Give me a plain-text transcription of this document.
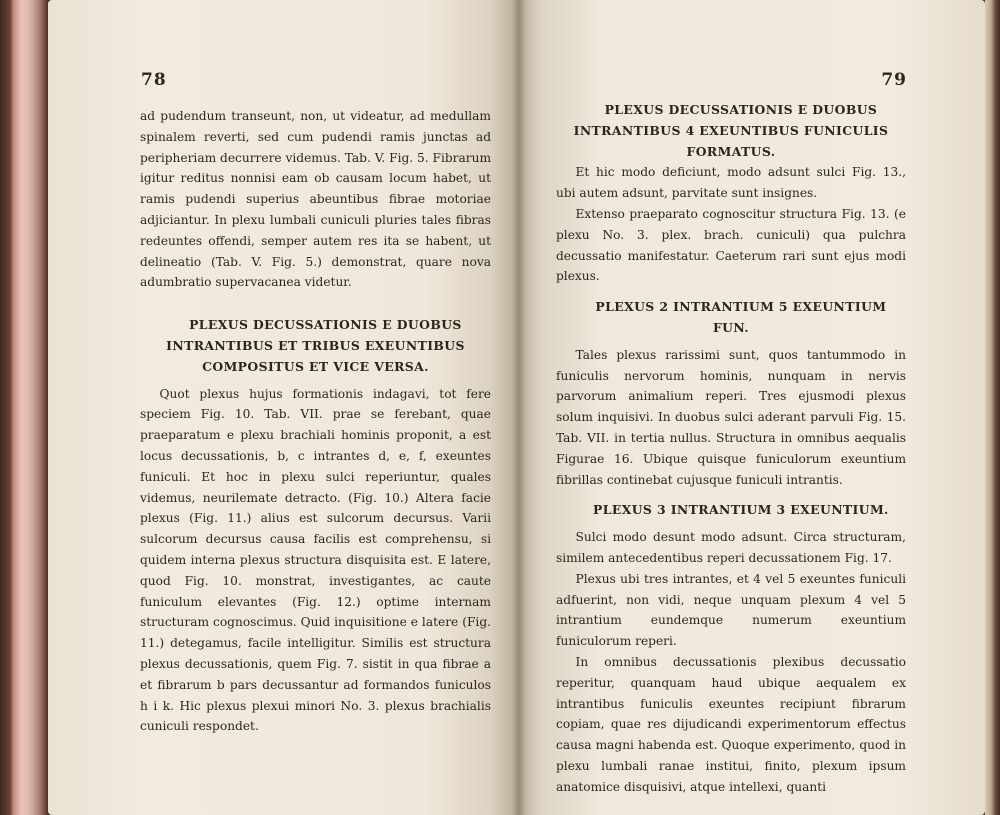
78

ad pudendum transeunt, non, ut videatur, ad medullam spinalem reverti, sed cum pudendi ramis junctas ad peripheriam decurrere videmus. Tab. V. Fig. 5. Fibrarum igitur reditus nonnisi eam ob causam locum habet, ut ramis pudendi superius abeuntibus fibrae motoriae adjiciantur. In plexu lumbali cuniculi pluries tales fibras redeuntes offendi, semper autem res ita se habent, ut delineatio (Tab. V. Fig. 5.) demonstrat, quare nova adumbratio supervacanea videtur.

PLEXUS DECUSSATIONIS E DUOBUS INTRANTIBUS ET TRIBUS EXEUNTIBUS COMPOSITUS ET VICE VERSA.

Quot plexus hujus formationis indagavi, tot fere speciem Fig. 10. Tab. VII. prae se ferebant, quae praeparatum e plexu brachiali hominis proponit, a est locus decussationis, b, c intrantes d, e, f, exeuntes funiculi. Et hoc in plexu sulci reperiuntur, quales videmus, neurilemate detracto. (Fig. 10.) Altera facie plexus (Fig. 11.) alius est sulcorum decursus. Varii sulcorum decursus causa facilis est comprehensu, si quidem interna plexus structura disquisita est. E latere, quod Fig. 10. monstrat, investigantes, ac caute funiculum elevantes (Fig. 12.) optime internam structuram cognoscimus. Quid inquisitione e latere (Fig. 11.) detegamus, facile intelligitur. Similis est structura plexus decussationis, quem Fig. 7. sistit in qua fibrae a et fibrarum b pars decussantur ad formandos funiculos h i k. Hic plexus plexui minori No. 3. plexus brachialis cuniculi respondet.

79

PLEXUS DECUSSATIONIS E DUOBUS INTRANTIBUS 4 EXEUNTIBUS FUNICULIS FORMATUS.

Et hic modo deficiunt, modo adsunt sulci Fig. 13., ubi autem adsunt, parvitate sunt insignes.

Extenso praeparato cognoscitur structura Fig. 13. (e plexu No. 3. plex. brach. cuniculi) qua pulchra decussatio manifestatur. Caeterum rari sunt ejus modi plexus.

PLEXUS 2 INTRANTIUM 5 EXEUNTIUM FUN.

Tales plexus rarissimi sunt, quos tantummodo in funiculis nervorum hominis, nunquam in nervis parvorum animalium reperi. Tres ejusmodi plexus solum inquisivi. In duobus sulci aderant parvuli Fig. 15. Tab. VII. in tertia nullus. Structura in omnibus aequalis Figurae 16. Ubique quisque funiculorum exeuntium fibrillas continebat cujusque funiculi intrantis.

PLEXUS 3 INTRANTIUM 3 EXEUNTIUM.

Sulci modo desunt modo adsunt. Circa structuram, similem antecedentibus reperi decussationem Fig. 17.

Plexus ubi tres intrantes, et 4 vel 5 exeuntes funiculi adfuerint, non vidi, neque unquam plexum 4 vel 5 intrantium eundemque numerum exeuntium funiculorum reperi.

In omnibus decussationis plexibus decussatio reperitur, quanquam haud ubique aequalem ex intrantibus funiculis exeuntes recipiunt fibrarum copiam, quae res dijudicandi experimentorum effectus causa magni habenda est. Quoque experimento, quod in plexu lumbali ranae institui, finito, plexum ipsum anatomice disquisivi, atque intellexi, quanti
